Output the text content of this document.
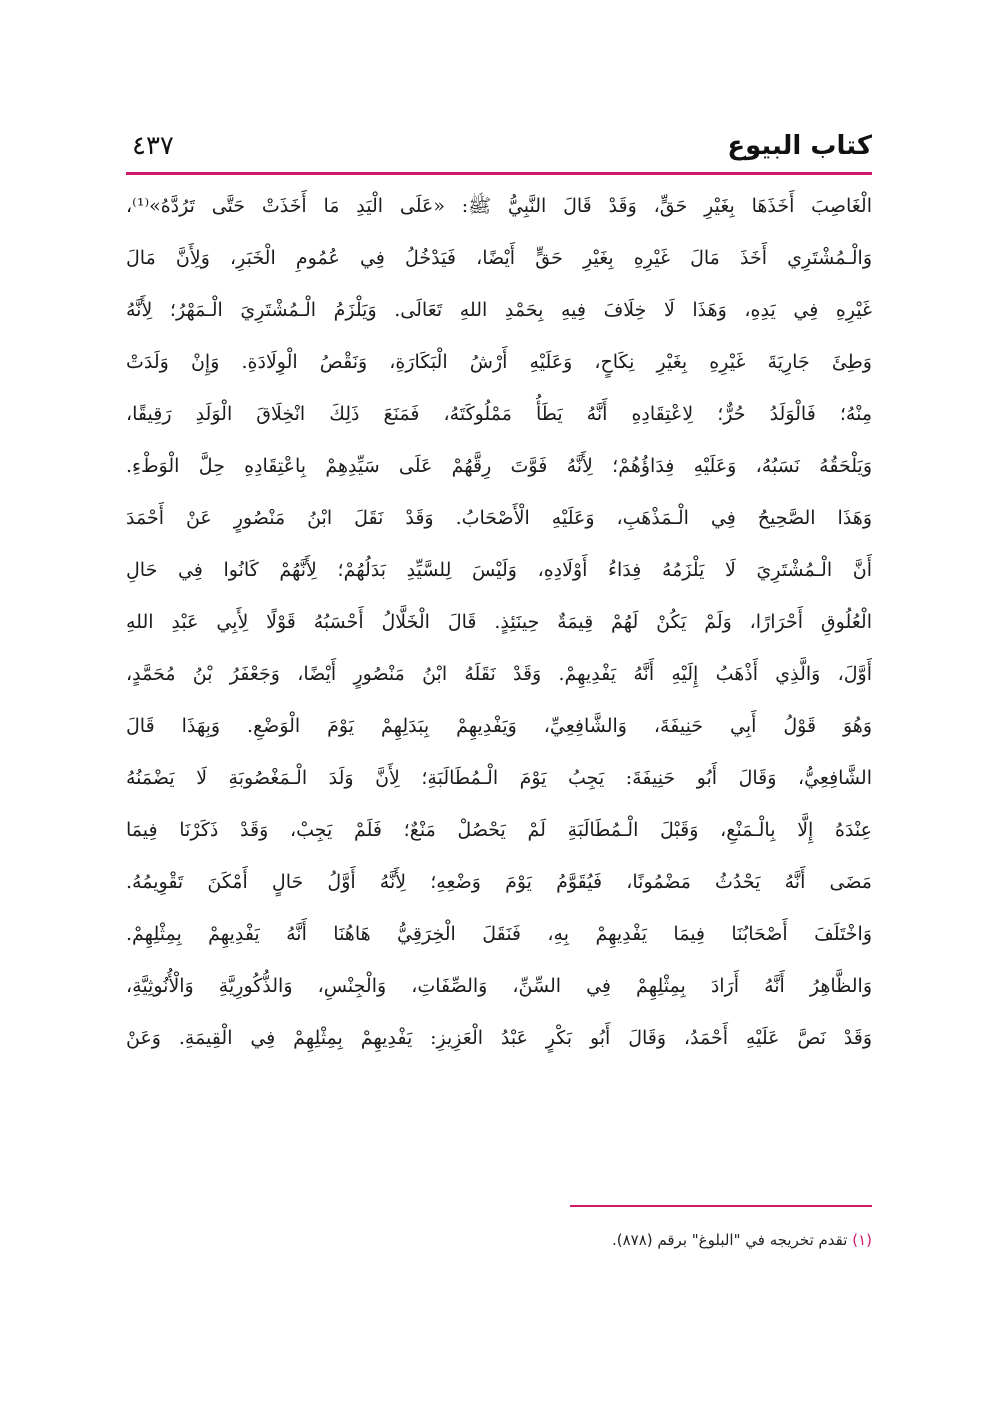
كتاب البيوع
٤٣٧
الْغَاصِبَ أَخَذَهَا بِغَيْرِ حَقٍّ، وَقَدْ قَالَ النَّبِيُّ ﷺ: «عَلَى الْيَدِ مَا أَخَذَتْ حَتَّى تَرُدَّهُ»⁽¹⁾،
وَالْـمُشْتَرِي أَخَذَ مَالَ غَيْرِهِ بِغَيْرِ حَقٍّ أَيْضًا، فَيَدْخُلُ فِي عُمُومِ الْخَبَرِ، وَلِأَنَّ مَالَ
غَيْرِهِ فِي يَدِهِ، وَهَذَا لَا خِلَافَ فِيهِ بِحَمْدِ اللهِ تَعَالَى. وَيَلْزَمُ الْـمُشْتَرِيَ الْـمَهْرُ؛ لِأَنَّهُ
وَطِئَ جَارِيَةَ غَيْرِهِ بِغَيْرِ نِكَاحٍ، وَعَلَيْهِ أَرْشُ الْبَكَارَةِ، وَنَقْصُ الْوِلَادَةِ. وَإِنْ وَلَدَتْ
مِنْهُ؛ فَالْوَلَدُ حُرٌّ؛ لِاعْتِقَادِهِ أَنَّهُ يَطَأُ مَمْلُوكَتَهُ، فَمَنَعَ ذَلِكَ انْخِلَاقَ الْوَلَدِ رَقِيقًا،
وَيَلْحَقُهُ نَسَبُهُ، وَعَلَيْهِ فِدَاؤُهُمْ؛ لِأَنَّهُ فَوَّتَ رِقَّهُمْ عَلَى سَيِّدِهِمْ بِاعْتِقَادِهِ حِلَّ الْوَطْءِ.
وَهَذَا الصَّحِيحُ فِي الْـمَذْهَبِ، وَعَلَيْهِ الْأَصْحَابُ. وَقَدْ نَقَلَ ابْنُ مَنْصُورٍ عَنْ أَحْمَدَ
أَنَّ الْـمُشْتَرِيَ لَا يَلْزَمُهُ فِدَاءُ أَوْلَادِهِ، وَلَيْسَ لِلسَّيِّدِ بَدَلُهُمْ؛ لِأَنَّهُمْ كَانُوا فِي حَالِ
الْعُلُوقِ أَحْرَارًا، وَلَمْ يَكُنْ لَهُمْ قِيمَةٌ حِينَئِذٍ. قَالَ الْخَلَّالُ أَحْسَبُهُ قَوْلًا لِأَبِي عَبْدِ اللهِ
أَوَّلَ، وَالَّذِي أَذْهَبُ إِلَيْهِ أَنَّهُ يَفْدِيهِمْ. وَقَدْ نَقَلَهُ ابْنُ مَنْصُورٍ أَيْضًا، وَجَعْفَرُ بْنُ مُحَمَّدٍ،
وَهُوَ قَوْلُ أَبِي حَنِيفَةَ، وَالشَّافِعِيِّ، وَيَفْدِيهِمْ بِبَدَلِهِمْ يَوْمَ الْوَضْعِ. وَبِهَذَا قَالَ
الشَّافِعِيُّ، وَقَالَ أَبُو حَنِيفَةَ: يَجِبُ يَوْمَ الْـمُطَالَبَةِ؛ لِأَنَّ وَلَدَ الْـمَغْصُوبَةِ لَا يَضْمَنُهُ
عِنْدَهُ إِلَّا بِالْـمَنْعِ، وَقَبْلَ الْـمُطَالَبَةِ لَمْ يَحْصُلْ مَنْعٌ؛ فَلَمْ يَجِبْ، وَقَدْ ذَكَرْنَا فِيمَا
مَضَى أَنَّهُ يَحْدُثُ مَضْمُونًا، فَيُقَوَّمُ يَوْمَ وَضْعِهِ؛ لِأَنَّهُ أَوَّلُ حَالٍ أَمْكَنَ تَقْوِيمُهُ.
وَاخْتَلَفَ أَصْحَابُنَا فِيمَا يَفْدِيهِمْ بِهِ، فَنَقَلَ الْخِرَقِيُّ هَاهُنَا أَنَّهُ يَفْدِيهِمْ بِمِثْلِهِمْ.
وَالظَّاهِرُ أَنَّهُ أَرَادَ بِمِثْلِهِمْ فِي السِّنِّ، وَالصِّفَاتِ، وَالْجِنْسِ، وَالذُّكُورِيَّةِ وَالْأُنُوثِيَّةِ،
وَقَدْ نَصَّ عَلَيْهِ أَحْمَدُ، وَقَالَ أَبُو بَكْرٍ عَبْدُ الْعَزِيزِ: يَفْدِيهِمْ بِمِثْلِهِمْ فِي الْقِيمَةِ. وَعَنْ
(١) تقدم تخريجه في "البلوغ" برقم (٨٧٨).
